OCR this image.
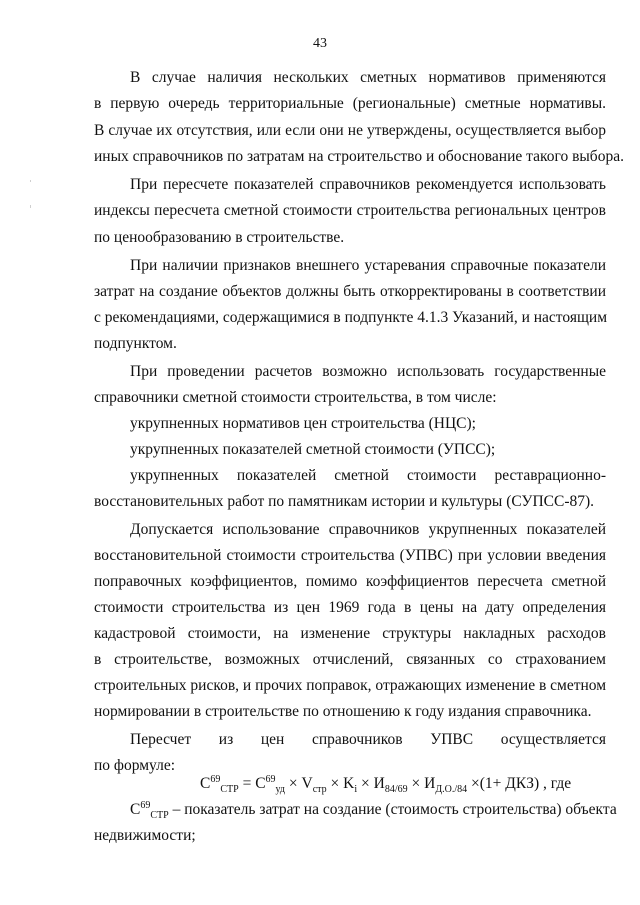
43
В случае наличия нескольких сметных нормативов применяются
в первую очередь территориальные (региональные) сметные нормативы.
В случае их отсутствия, или если они не утверждены, осуществляется выбор
иных справочников по затратам на строительство и обоснование такого выбора.
При пересчете показателей справочников рекомендуется использовать
индексы пересчета сметной стоимости строительства региональных центров
по ценообразованию в строительстве.
При наличии признаков внешнего устаревания справочные показатели
затрат на создание объектов должны быть откорректированы в соответствии
с рекомендациями, содержащимися в подпункте 4.1.3 Указаний, и настоящим
подпунктом.
При проведении расчетов возможно использовать государственные
справочники сметной стоимости строительства, в том числе:
укрупненных нормативов цен строительства (НЦС);
укрупненных показателей сметной стоимости (УПСС);
укрупненных показателей сметной стоимости реставрационно-
восстановительных работ по памятникам истории и культуры (СУПСС-87).
Допускается использование справочников укрупненных показателей
восстановительной стоимости строительства (УПВС) при условии введения
поправочных коэффициентов, помимо коэффициентов пересчета сметной
стоимости строительства из цен 1969 года в цены на дату определения
кадастровой стоимости, на изменение структуры накладных расходов
в строительстве, возможных отчислений, связанных со страхованием
строительных рисков, и прочих поправок, отражающих изменение в сметном
нормировании в строительстве по отношению к году издания справочника.
Пересчет из цен справочников УПВС осуществляется
по формуле:
$С^{69}_{СТР} = С^{69}_{уд} \times V_{стр} \times K_i \times И_{84/69} \times И_{Д.О./84} \times(1+ ДКЗ)$ , где
$С^{69}_{СТР}$ – показатель затрат на создание (стоимость строительства) объекта
недвижимости;
